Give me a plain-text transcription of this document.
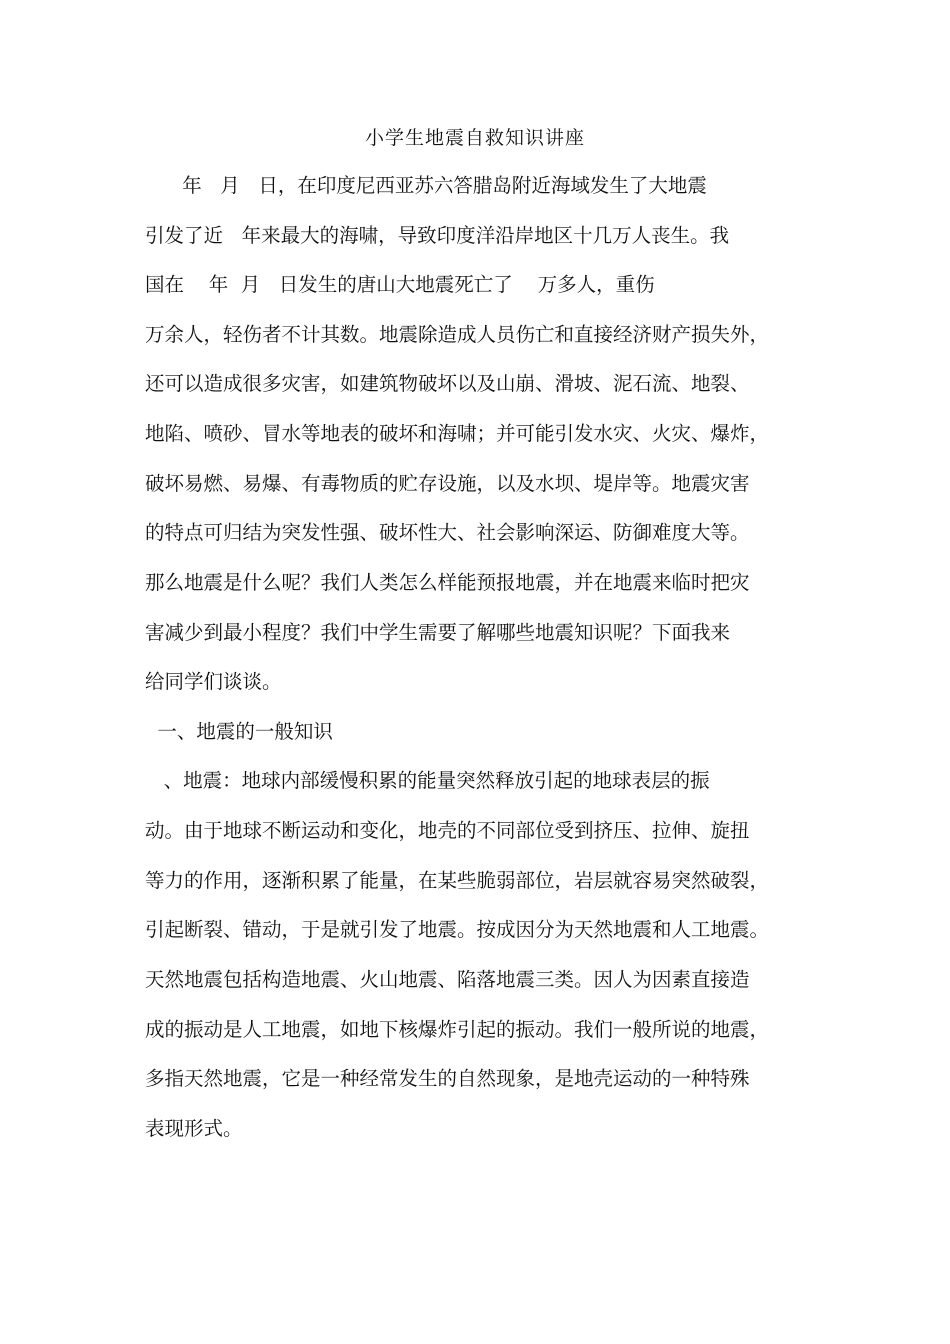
小学生地震自救知识讲座
年   月   日，在印度尼西亚苏六答腊岛附近海域发生了大地震
引发了近   年来最大的海啸，导致印度洋沿岸地区十几万人丧生。我
国在    年  月   日发生的唐山大地震死亡了    万多人，重伤
万余人，轻伤者不计其数。地震除造成人员伤亡和直接经济财产损失外，
还可以造成很多灾害，如建筑物破坏以及山崩、滑坡、泥石流、地裂、
地陷、喷砂、冒水等地表的破坏和海啸；并可能引发水灾、火灾、爆炸，
破坏易燃、易爆、有毒物质的贮存设施，以及水坝、堤岸等。地震灾害
的特点可归结为突发性强、破坏性大、社会影响深运、防御难度大等。
那么地震是什么呢？我们人类怎么样能预报地震，并在地震来临时把灾
害减少到最小程度？我们中学生需要了解哪些地震知识呢？下面我来
给同学们谈谈。
一、地震的一般知识
、地震：地球内部缓慢积累的能量突然释放引起的地球表层的振
动。由于地球不断运动和变化，地壳的不同部位受到挤压、拉伸、旋扭
等力的作用，逐渐积累了能量，在某些脆弱部位，岩层就容易突然破裂，
引起断裂、错动，于是就引发了地震。按成因分为天然地震和人工地震。
天然地震包括构造地震、火山地震、陷落地震三类。因人为因素直接造
成的振动是人工地震，如地下核爆炸引起的振动。我们一般所说的地震，
多指天然地震，它是一种经常发生的自然现象，是地壳运动的一种特殊
表现形式。
